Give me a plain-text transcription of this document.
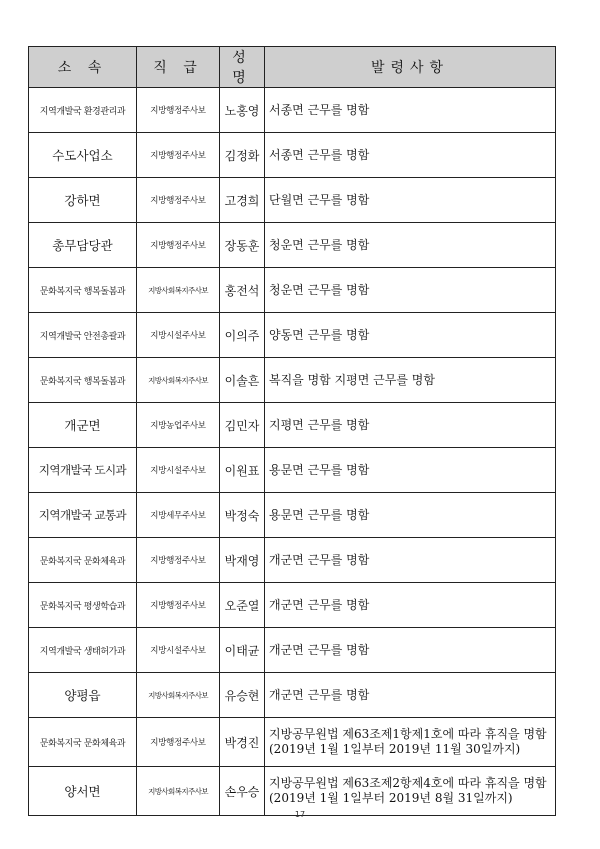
소 속	직 급	성 명	발령사항
지역개발국 환경관리과	지방행정주사보	노홍영	서종면 근무를 명함
수도사업소	지방행정주사보	김정화	서종면 근무를 명함
강하면	지방행정주사보	고경희	단월면 근무를 명함
총무담당관	지방행정주사보	장동훈	청운면 근무를 명함
문화복지국 행복돌봄과	지방사회복지주사보	홍전석	청운면 근무를 명함
지역개발국 안전총괄과	지방시설주사보	이의주	양동면 근무를 명함
문화복지국 행복돌봄과	지방사회복지주사보	이솔흔	복직을 명함 지평면 근무를 명함
개군면	지방농업주사보	김민자	지평면 근무를 명함
지역개발국 도시과	지방시설주사보	이원표	용문면 근무를 명함
지역개발국 교통과	지방세무주사보	박정숙	용문면 근무를 명함
문화복지국 문화체육과	지방행정주사보	박재영	개군면 근무를 명함
문화복지국 평생학습과	지방행정주사보	오준열	개군면 근무를 명함
지역개발국 생태허가과	지방시설주사보	이태균	개군면 근무를 명함
양평읍	지방사회복지주사보	유승현	개군면 근무를 명함
문화복지국 문화체육과	지방행정주사보	박경진	지방공무원법 제63조제1항제1호에 따라 휴직을 명함 (2019년 1월 1일부터 2019년 11월 30일까지)
양서면	지방사회복지주사보	손우승	지방공무원법 제63조제2항제4호에 따라 휴직을 명함 (2019년 1월 1일부터 2019년 8월 31일까지)
17
